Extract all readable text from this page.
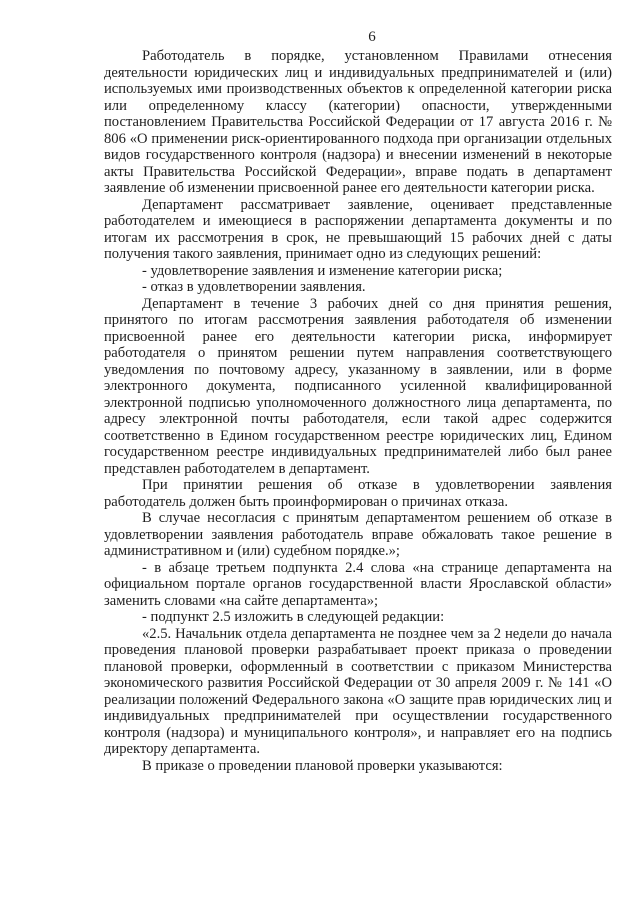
6

Работодатель в порядке, установленном Правилами отнесения деятельности юридических лиц и индивидуальных предпринимателей и (или) используемых ими производственных объектов к определенной категории риска или определенному классу (категории) опасности, утвержденными постановлением Правительства Российской Федерации от 17 августа 2016 г. № 806 «О применении риск-ориентированного подхода при организации отдельных видов государственного контроля (надзора) и внесении изменений в некоторые акты Правительства Российской Федерации», вправе подать в департамент заявление об изменении присвоенной ранее его деятельности категории риска.

Департамент рассматривает заявление, оценивает представленные работодателем и имеющиеся в распоряжении департамента документы и по итогам их рассмотрения в срок, не превышающий 15 рабочих дней с даты получения такого заявления, принимает одно из следующих решений:

- удовлетворение заявления и изменение категории риска;

- отказ в удовлетворении заявления.

Департамент в течение 3 рабочих дней со дня принятия решения, принятого по итогам рассмотрения заявления работодателя об изменении присвоенной ранее его деятельности категории риска, информирует работодателя о принятом решении путем направления соответствующего уведомления по почтовому адресу, указанному в заявлении, или в форме электронного документа, подписанного усиленной квалифицированной электронной подписью уполномоченного должностного лица департамента, по адресу электронной почты работодателя, если такой адрес содержится соответственно в Едином государственном реестре юридических лиц, Едином государственном реестре индивидуальных предпринимателей либо был ранее представлен работодателем в департамент.

При принятии решения об отказе в удовлетворении заявления работодатель должен быть проинформирован о причинах отказа.

В случае несогласия с принятым департаментом решением об отказе в удовлетворении заявления работодатель вправе обжаловать такое решение в административном и (или) судебном порядке.»;

- в абзаце третьем подпункта 2.4 слова «на странице департамента на официальном портале органов государственной власти Ярославской области» заменить словами «на сайте департамента»;

- подпункт 2.5 изложить в следующей редакции:

«2.5. Начальник отдела департамента не позднее чем за 2 недели до начала проведения плановой проверки разрабатывает проект приказа о проведении плановой проверки, оформленный в соответствии с приказом Министерства экономического развития Российской Федерации от 30 апреля 2009 г. № 141 «О реализации положений Федерального закона «О защите прав юридических лиц и индивидуальных предпринимателей при осуществлении государственного контроля (надзора) и муниципального контроля», и направляет его на подпись директору департамента.

В приказе о проведении плановой проверки указываются:
